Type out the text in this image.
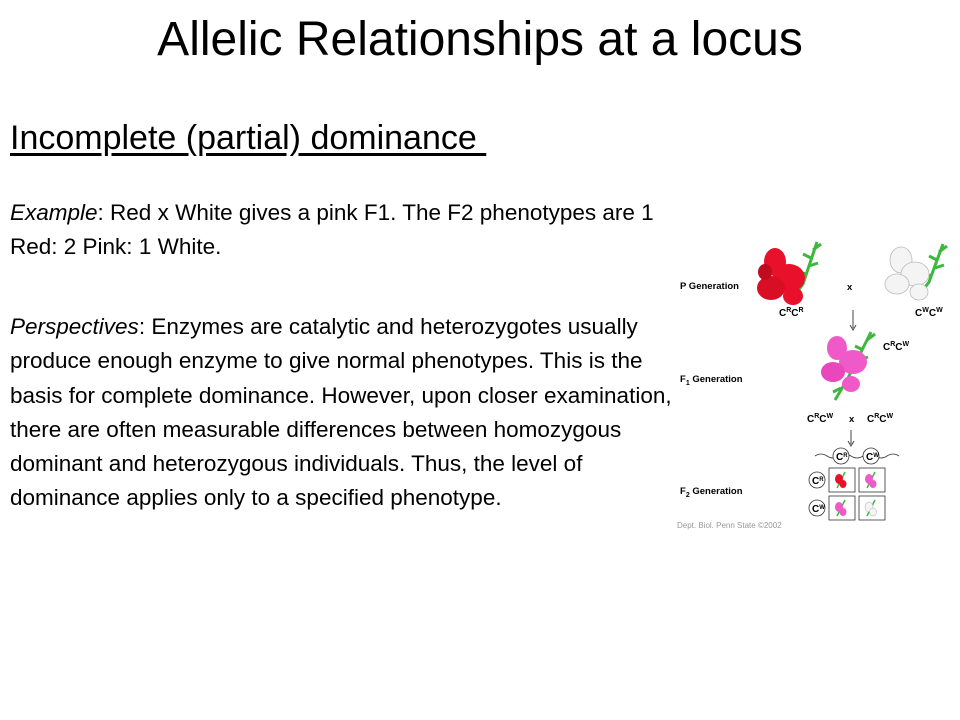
Allelic Relationships at a locus
Incomplete (partial) dominance

Example: Red x White gives a pink F1. The F2 phenotypes are 1 Red: 2 Pink: 1 White.

Perspectives: Enzymes are catalytic and heterozygotes usually produce enough enzyme to give normal phenotypes. This is the basis for complete dominance. However, upon closer examination, there are often measurable differences between homozygous dominant and heterozygous individuals. Thus, the level of dominance applies only to a specified phenotype.

P Generation
$C^RC^R$
x
$C^WC^W$
$F_1$ Generation
$C^RC^W$
$C^RC^W$ x $C^RC^W$
$F_2$ Generation
$C^R$ $C^W$
$C^R$
$C^W$
Dept. Biol. Penn State ©2002
